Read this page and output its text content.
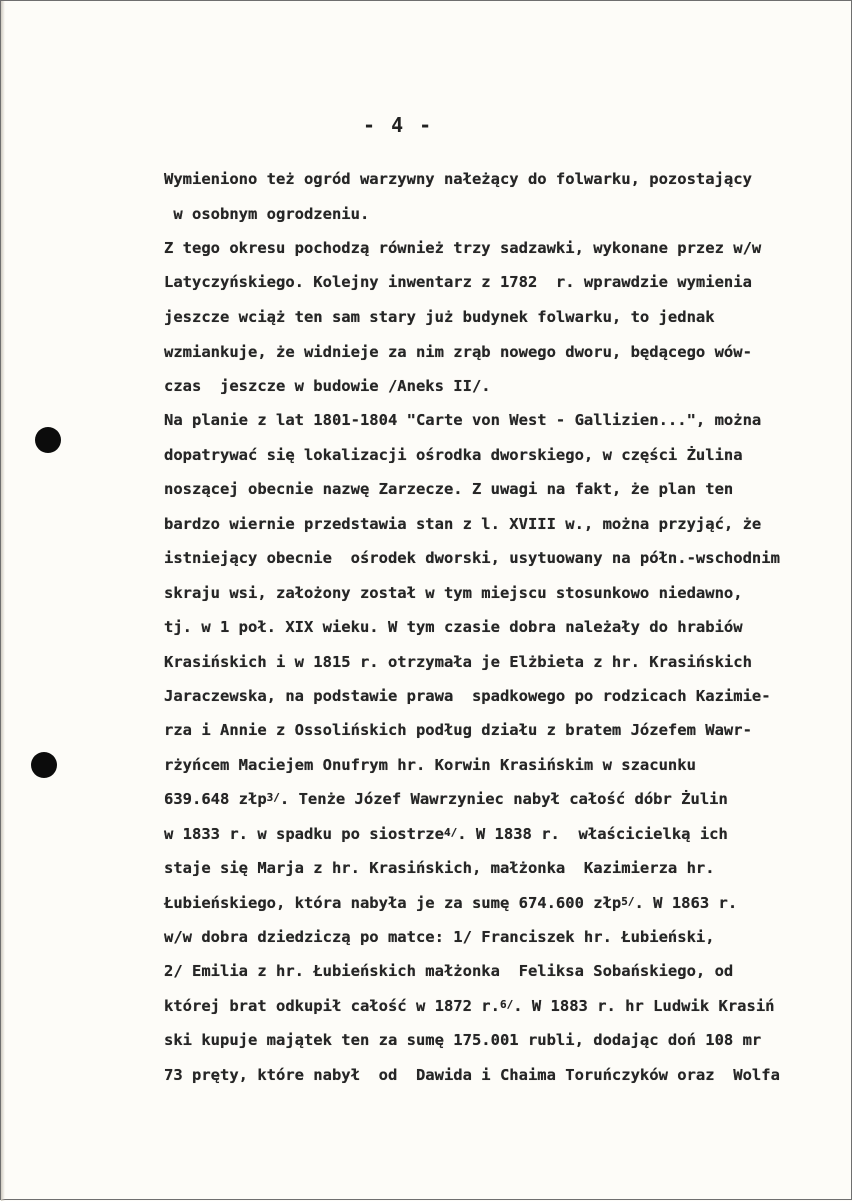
- 4 -
Wymieniono też ogród warzywny nałeżący do folwarku, pozostający
w osobnym ogrodzeniu.
Z tego okresu pochodzą również trzy sadzawki, wykonane przez w/w
Latyczyńskiego. Kolejny inwentarz z 1782  r. wprawdzie wymienia
jeszcze wciąż ten sam stary już budynek folwarku, to jednak
wzmiankuje, że widnieje za nim zrąb nowego dworu, będącego wów-
czas  jeszcze w budowie /Aneks II/.
Na planie z lat 1801-1804 "Carte von West - Gallizien...", można
dopatrywać się lokalizacji ośrodka dworskiego, w części Żulina
noszącej obecnie nazwę Zarzecze. Z uwagi na fakt, że plan ten
bardzo wiernie przedstawia stan z l. XVIII w., można przyjąć, że
istniejący obecnie  ośrodek dworski, usytuowany na półn.-wschodnim
skraju wsi, założony został w tym miejscu stosunkowo niedawno,
tj. w 1 poł. XIX wieku. W tym czasie dobra należały do hrabiów
Krasińskich i w 1815 r. otrzymała je Elżbieta z hr. Krasińskich
Jaraczewska, na podstawie prawa  spadkowego po rodzicach Kazimie-
rza i Annie z Ossolińskich podług działu z bratem Józefem Wawr-
rżyńcem Maciejem Onufrym hr. Korwin Krasińskim w szacunku
639.648 złp$^{3/}$. Tenże Józef Wawrzyniec nabył całość dóbr Żulin
w 1833 r. w spadku po siostrze$^{4/}$. W 1838 r.  właścicielką ich
staje się Marja z hr. Krasińskich, małżonka  Kazimierza hr.
Łubieńskiego, która nabyła je za sumę 674.600 złp$^{5/}$. W 1863 r.
w/w dobra dziedziczą po matce: 1/ Franciszek hr. Łubieński,
2/ Emilia z hr. Łubieńskich małżonka  Feliksa Sobańskiego, od
której brat odkupił całość w 1872 r.$^{6/}$. W 1883 r. hr Ludwik Krasiń
ski kupuje majątek ten za sumę 175.001 rubli, dodając doń 108 mr
73 pręty, które nabył  od  Dawida i Chaima Toruńczyków oraz  Wolfa
